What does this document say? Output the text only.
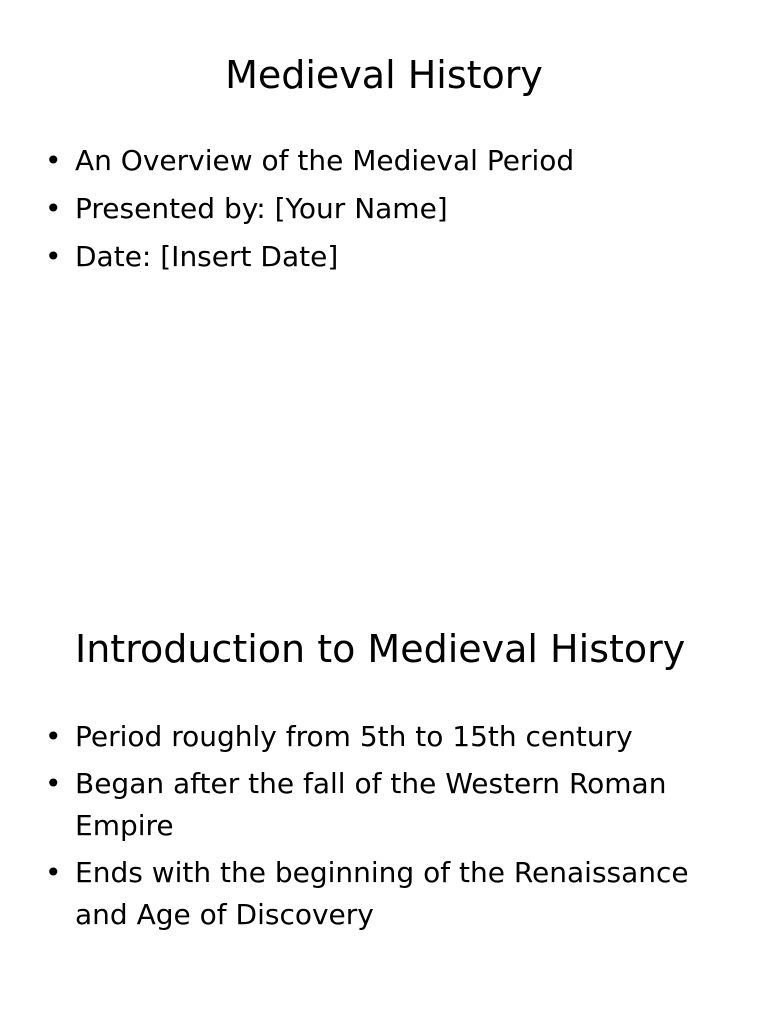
Medieval History
• An Overview of the Medieval Period
• Presented by: [Your Name]
• Date: [Insert Date]
Introduction to Medieval History
• Period roughly from 5th to 15th century
• Began after the fall of the Western Roman Empire
• Ends with the beginning of the Renaissance and Age of Discovery
